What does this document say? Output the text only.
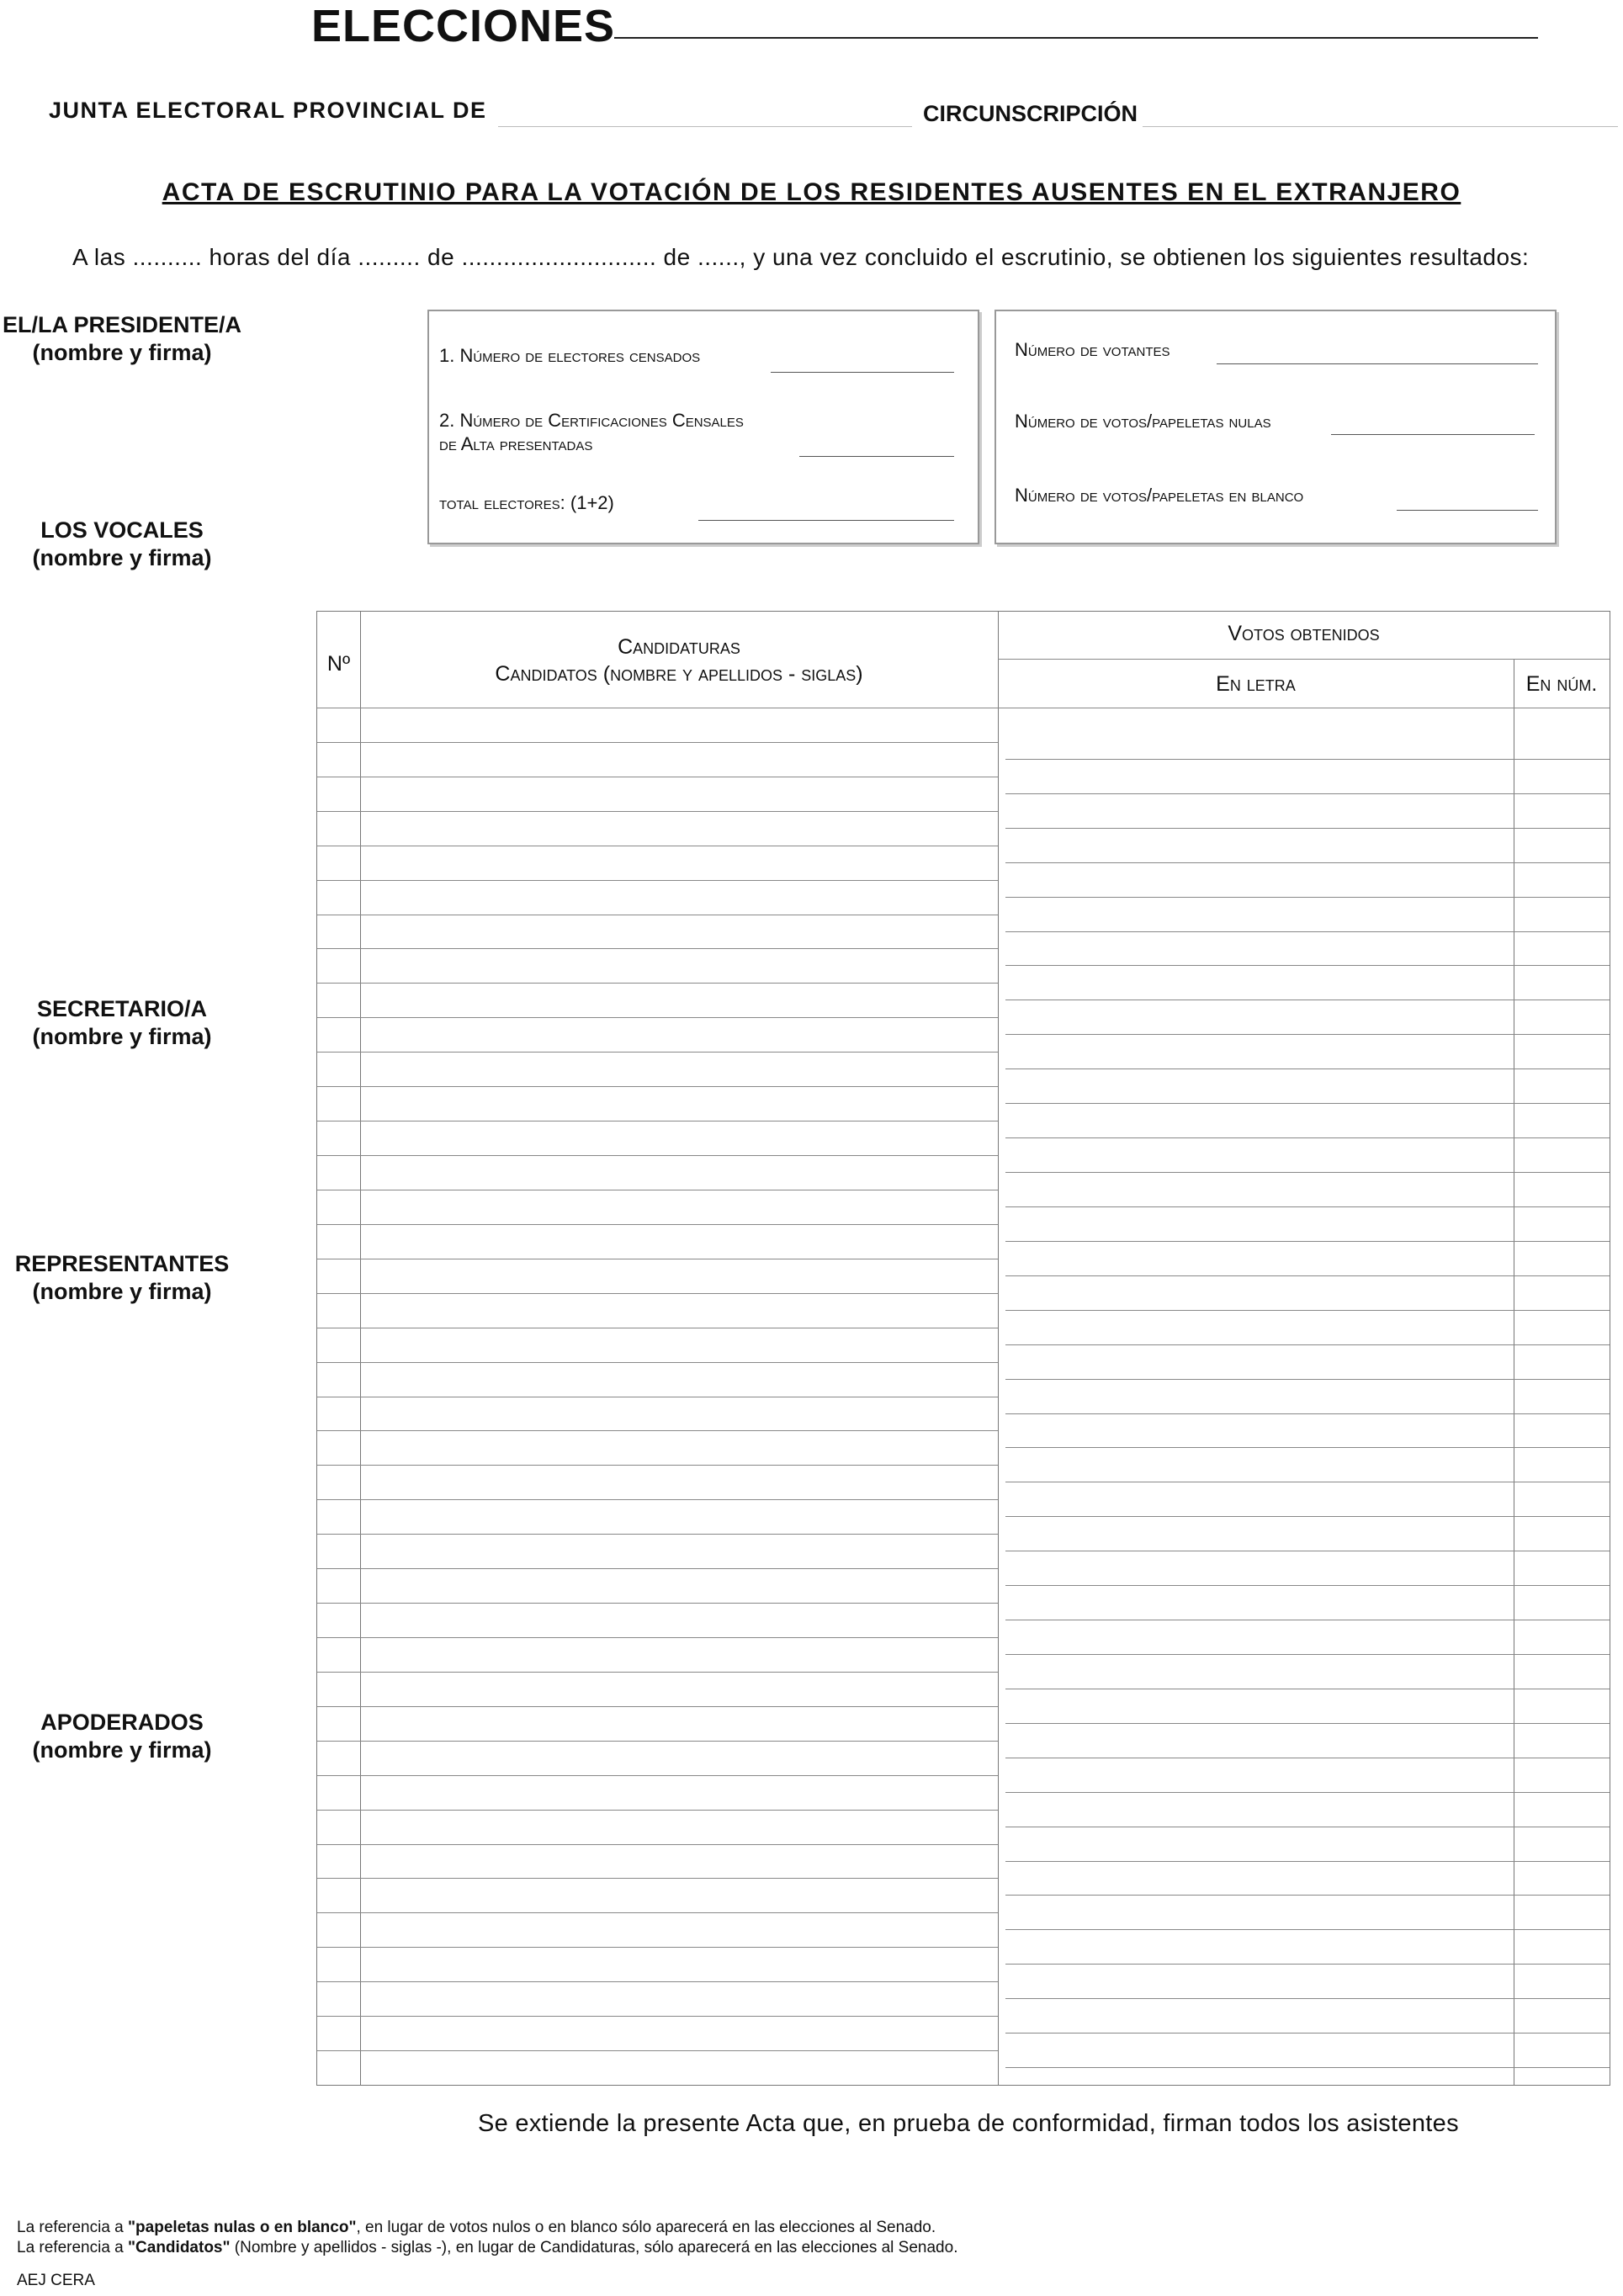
ELECCIONES
JUNTA ELECTORAL PROVINCIAL DE	CIRCUNSCRIPCIÓN
ACTA DE ESCRUTINIO PARA LA VOTACIÓN DE LOS RESIDENTES AUSENTES EN EL EXTRANJERO
A las .......... horas del día ......... de ............................ de ......, y una vez concluido el escrutinio, se obtienen los siguientes resultados:
EL/LA PRESIDENTE/A
(nombre y firma)
LOS VOCALES
(nombre y firma)
SECRETARIO/A
(nombre y firma)
REPRESENTANTES
(nombre y firma)
APODERADOS
(nombre y firma)
1. Número de electores censados
2. Número de Certificaciones Censales
de Alta presentadas
total electores: (1+2)
Número de votantes
Número de votos/papeletas nulas
Número de votos/papeletas en blanco
Nº
Candidaturas
Candidatos (nombre y apellidos - siglas)
Votos obtenidos
En letra	En núm.
Se extiende la presente Acta que, en prueba de conformidad, firman todos los asistentes
La referencia a "papeletas nulas o en blanco", en lugar de votos nulos o en blanco sólo aparecerá en las elecciones al Senado.
La referencia a "Candidatos" (Nombre y apellidos - siglas -), en lugar de Candidaturas, sólo aparecerá en las elecciones al Senado.
AEJ CERA
